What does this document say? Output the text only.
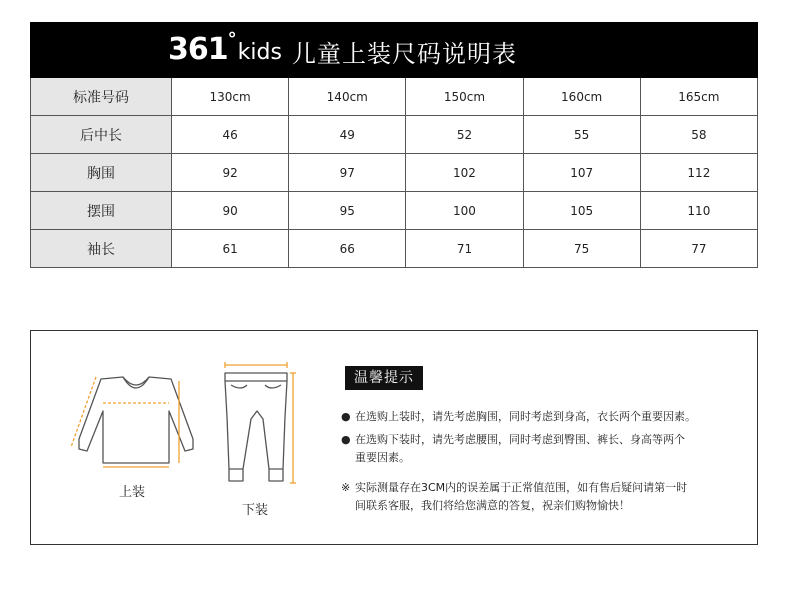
361°kids 儿童上装尺码说明表
标准号码	130cm	140cm	150cm	160cm	165cm
后中长	46	49	52	55	58
胸围	92	97	102	107	112
摆围	90	95	100	105	110
袖长	61	66	71	75	77
上装
下装
温馨提示
● 在选购上装时，请先考虑胸围，同时考虑到身高，衣长两个重要因素。
● 在选购下装时，请先考虑腰围，同时考虑到臀围、裤长、身高等两个
重要因素。
※ 实际测量存在3CM内的误差属于正常值范围，如有售后疑问请第一时
间联系客服，我们将给您满意的答复，祝亲们购物愉快！
